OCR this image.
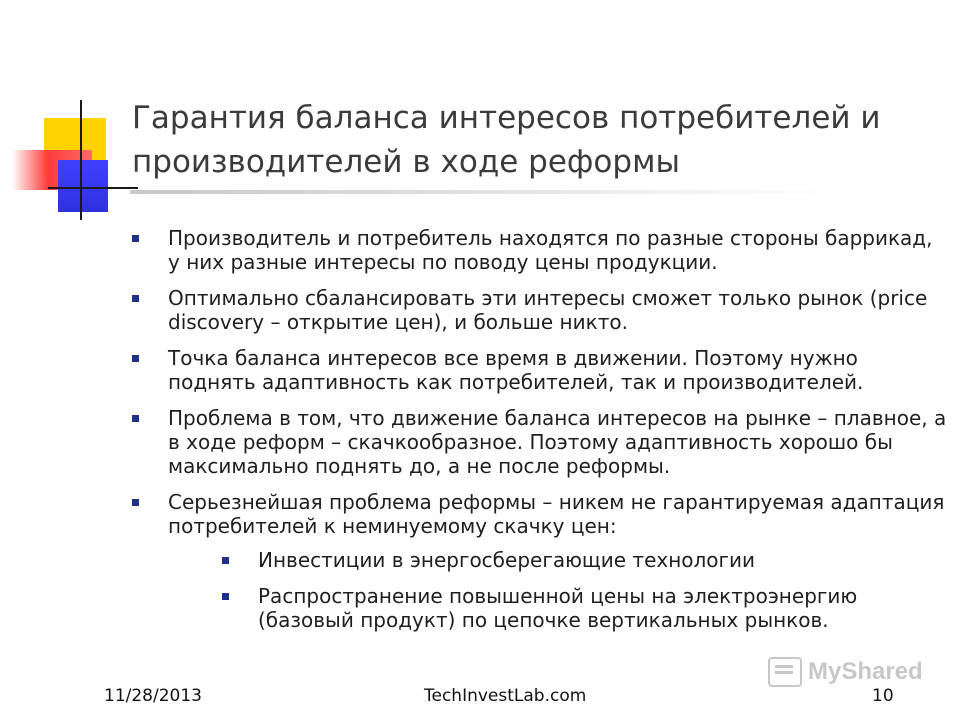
Гарантия баланса интересов потребителей и производителей в ходе реформы
Производитель и потребитель находятся по разные стороны баррикад, у них разные интересы по поводу цены продукции.
Оптимально сбалансировать эти интересы сможет только рынок (price discovery – открытие цен), и больше никто.
Точка баланса интересов все время в движении. Поэтому нужно поднять адаптивность как потребителей, так и производителей.
Проблема в том, что движение баланса интересов на рынке – плавное, а в ходе реформ – скачкообразное. Поэтому адаптивность хорошо бы максимально поднять до, а не после реформы.
Серьезнейшая проблема реформы – никем не гарантируемая адаптация потребителей к неминуемому скачку цен:
Инвестиции в энергосберегающие технологии
Распространение повышенной цены на электроэнергию (базовый продукт) по цепочке вертикальных рынков.
MyShared
11/28/2013	TechInvestLab.com	10
